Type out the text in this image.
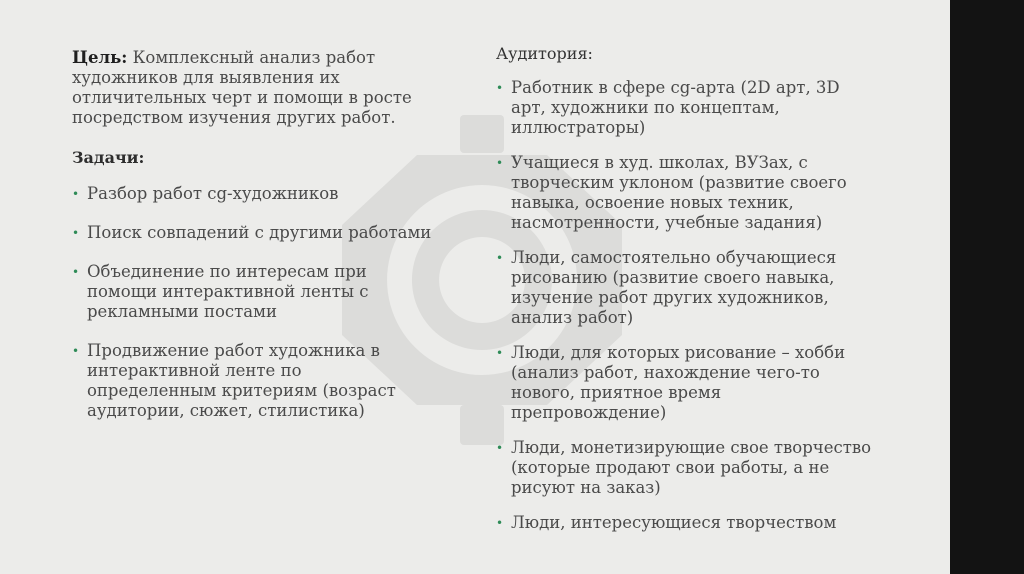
Цель: Комплексный анализ работ художников для выявления их отличительных черт и помощи в росте посредством изучения других работ.

Задачи:
• Разбор работ cg-художников
• Поиск совпадений с другими работами
• Объединение по интересам при помощи интерактивной ленты с рекламными постами
• Продвижение работ художника в интерактивной ленте по определенным критериям (возраст аудитории, сюжет, стилистика)
Аудитория:
• Работник в сфере cg-арта (2D арт, 3D арт, художники по концептам, иллюстраторы)
• Учащиеся в худ. школах, ВУЗах, с творческим уклоном (развитие своего навыка, освоение новых техник, насмотренности, учебные задания)
• Люди, самостоятельно обучающиеся рисованию (развитие своего навыка, изучение работ других художников, анализ работ)
• Люди, для которых рисование – хобби (анализ работ, нахождение чего-то нового, приятное время препровождение)
• Люди, монетизирующие свое творчество (которые продают свои работы, а не рисуют на заказ)
• Люди, интересующиеся творчеством
